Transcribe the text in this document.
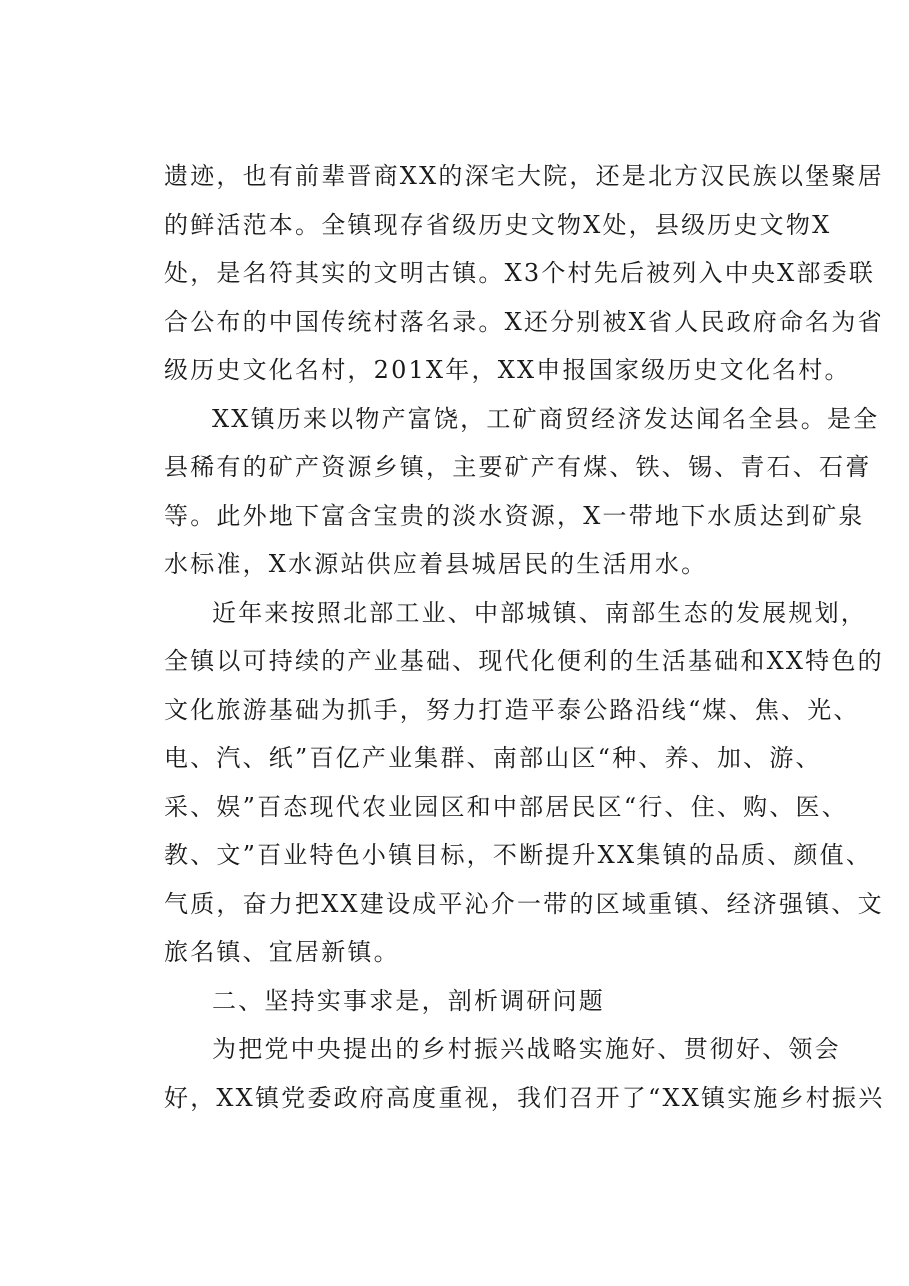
遗迹，也有前辈晋商XX的深宅大院，还是北方汉民族以堡聚居
的鲜活范本。全镇现存省级历史文物X处，县级历史文物X
处，是名符其实的文明古镇。X3个村先后被列入中央X部委联
合公布的中国传统村落名录。X还分别被X省人民政府命名为省
级历史文化名村，201X年，XX申报国家级历史文化名村。
XX镇历来以物产富饶，工矿商贸经济发达闻名全县。是全
县稀有的矿产资源乡镇，主要矿产有煤、铁、锡、青石、石膏
等。此外地下富含宝贵的淡水资源，X一带地下水质达到矿泉
水标准，X水源站供应着县城居民的生活用水。
近年来按照北部工业、中部城镇、南部生态的发展规划，
全镇以可持续的产业基础、现代化便利的生活基础和XX特色的
文化旅游基础为抓手，努力打造平泰公路沿线“煤、焦、光、
电、汽、纸”百亿产业集群、南部山区“种、养、加、游、
采、娱”百态现代农业园区和中部居民区“行、住、购、医、
教、文”百业特色小镇目标，不断提升XX集镇的品质、颜值、
气质，奋力把XX建设成平沁介一带的区域重镇、经济强镇、文
旅名镇、宜居新镇。
二、坚持实事求是，剖析调研问题
为把党中央提出的乡村振兴战略实施好、贯彻好、领会
好，XX镇党委政府高度重视，我们召开了“XX镇实施乡村振兴
